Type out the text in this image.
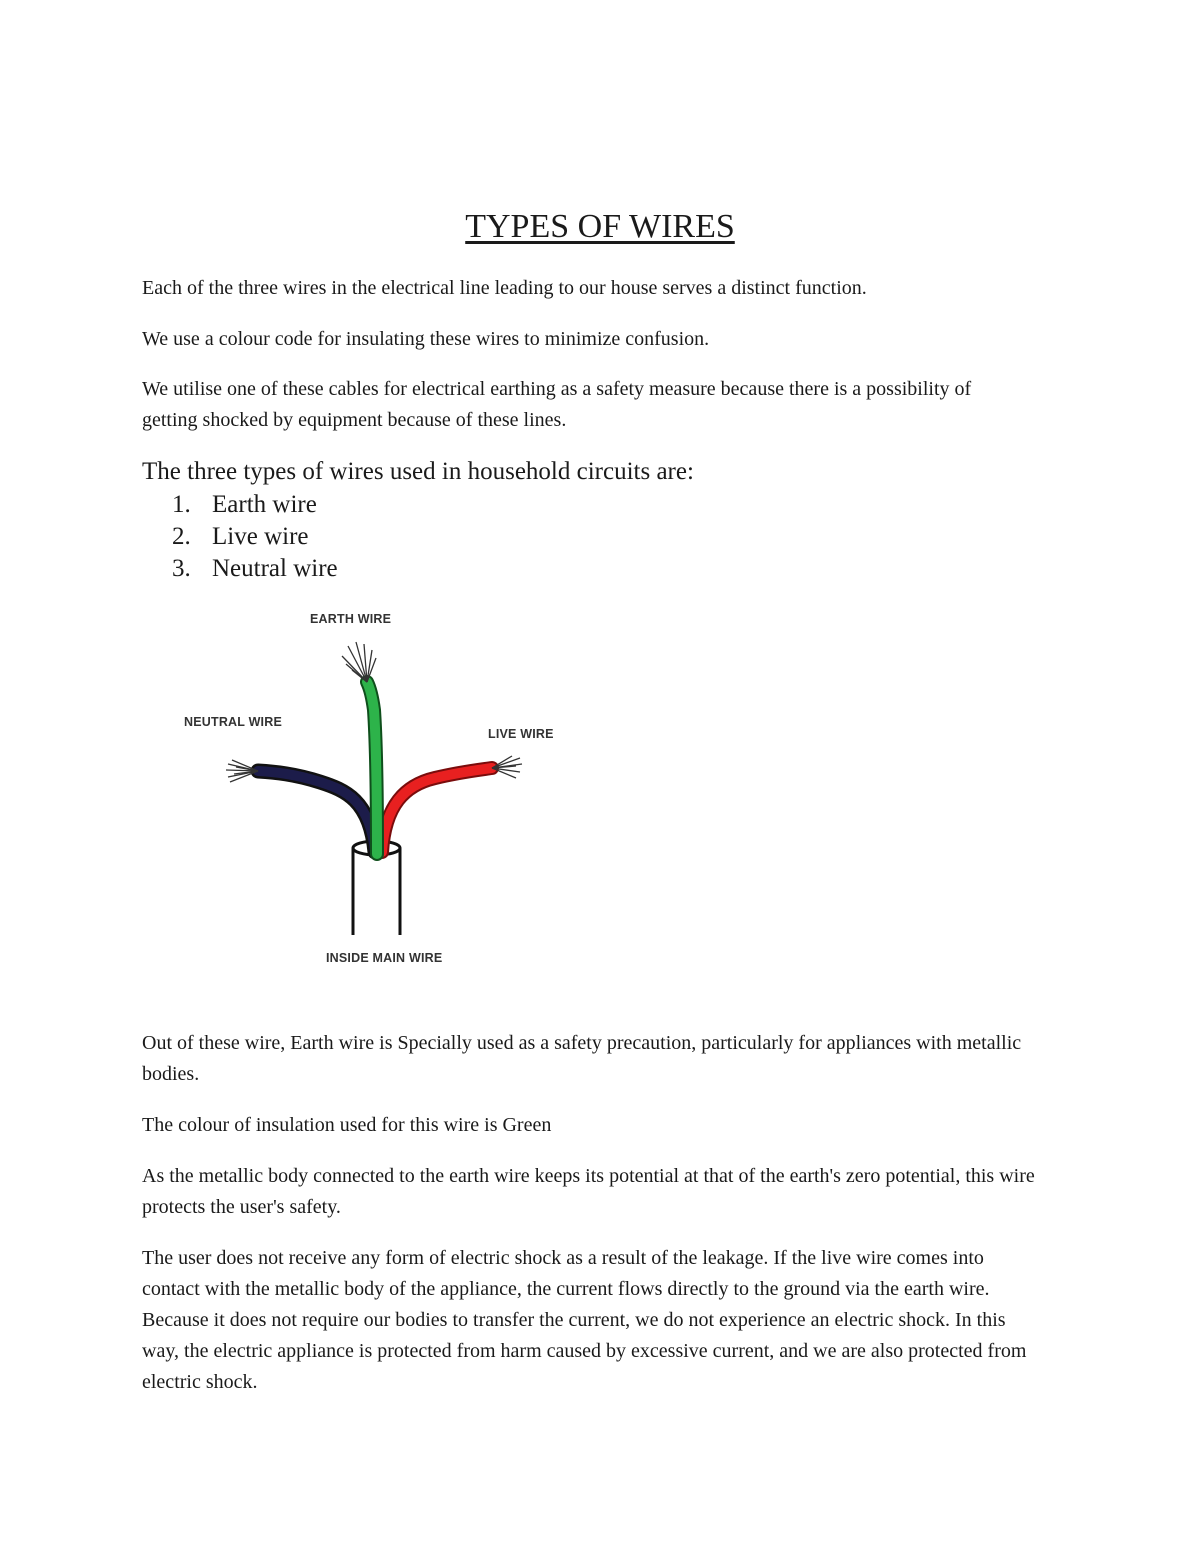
TYPES OF WIRES

Each of the three wires in the electrical line leading to our house serves a distinct function.

We use a colour code for insulating these wires to minimize confusion.

We utilise one of these cables for electrical earthing as a safety measure because there is a possibility of getting shocked by equipment because of these lines.

The three types of wires used in household circuits are:

1. Earth wire
2. Live wire
3. Neutral wire
EARTH WIRE
NEUTRAL WIRE
LIVE WIRE
INSIDE MAIN WIRE

Out of these wire, Earth wire is Specially used as a safety precaution, particularly for appliances with metallic bodies.

The colour of insulation used for this wire is Green

As the metallic body connected to the earth wire keeps its potential at that of the earth's zero potential, this wire protects the user's safety.

The user does not receive any form of electric shock as a result of the leakage. If the live wire comes into contact with the metallic body of the appliance, the current flows directly to the ground via the earth wire. Because it does not require our bodies to transfer the current, we do not experience an electric shock. In this way, the electric appliance is protected from harm caused by excessive current, and we are also protected from electric shock.
